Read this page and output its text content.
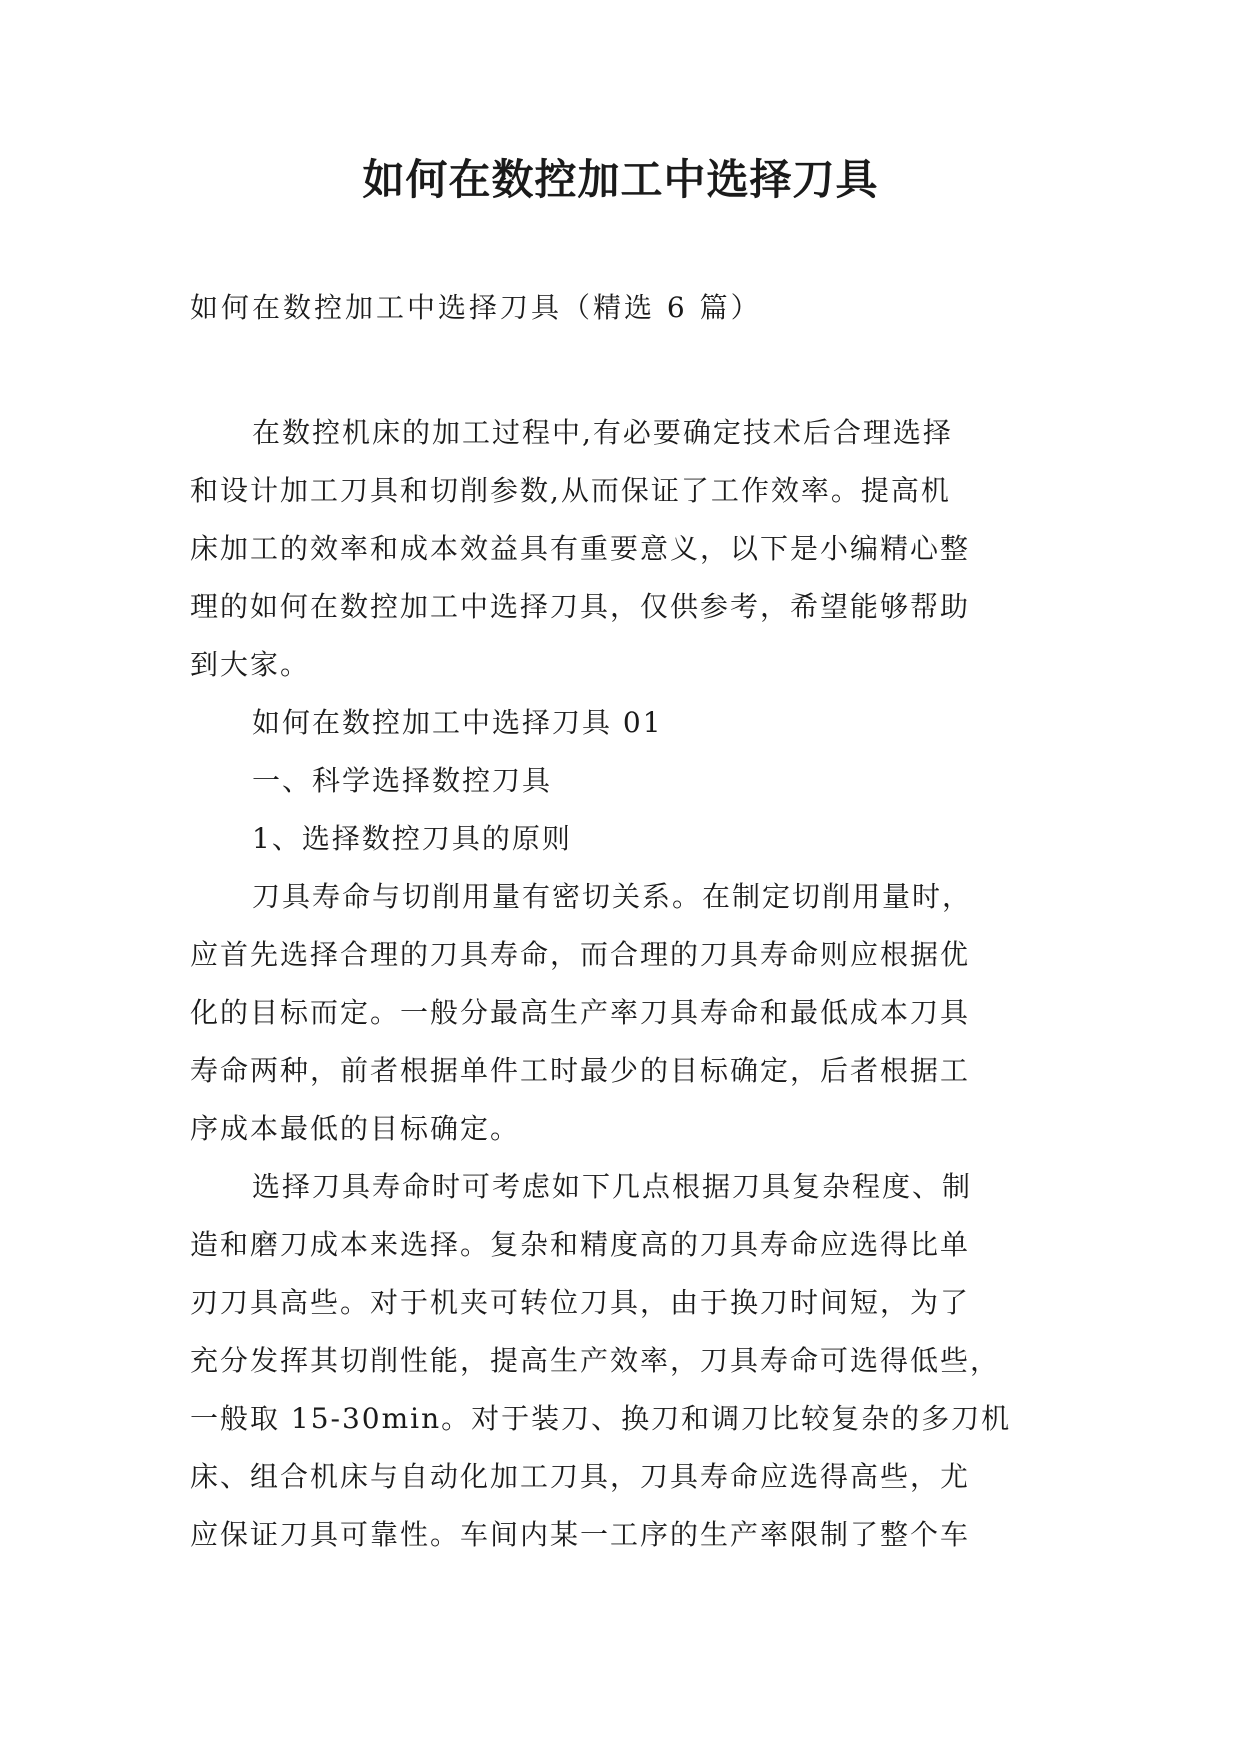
如何在数控加工中选择刀具
如何在数控加工中选择刀具（精选 6 篇）
在数控机床的加工过程中,有必要确定技术后合理选择
和设计加工刀具和切削参数,从而保证了工作效率。提高机
床加工的效率和成本效益具有重要意义，以下是小编精心整
理的如何在数控加工中选择刀具，仅供参考，希望能够帮助
到大家。
如何在数控加工中选择刀具 01
一、科学选择数控刀具
1、选择数控刀具的原则
刀具寿命与切削用量有密切关系。在制定切削用量时，
应首先选择合理的刀具寿命，而合理的刀具寿命则应根据优
化的目标而定。一般分最高生产率刀具寿命和最低成本刀具
寿命两种，前者根据单件工时最少的目标确定，后者根据工
序成本最低的目标确定。
选择刀具寿命时可考虑如下几点根据刀具复杂程度、制
造和磨刀成本来选择。复杂和精度高的刀具寿命应选得比单
刃刀具高些。对于机夹可转位刀具，由于换刀时间短，为了
充分发挥其切削性能，提高生产效率，刀具寿命可选得低些，
一般取 15-30min。对于装刀、换刀和调刀比较复杂的多刀机
床、组合机床与自动化加工刀具，刀具寿命应选得高些，尤
应保证刀具可靠性。车间内某一工序的生产率限制了整个车
